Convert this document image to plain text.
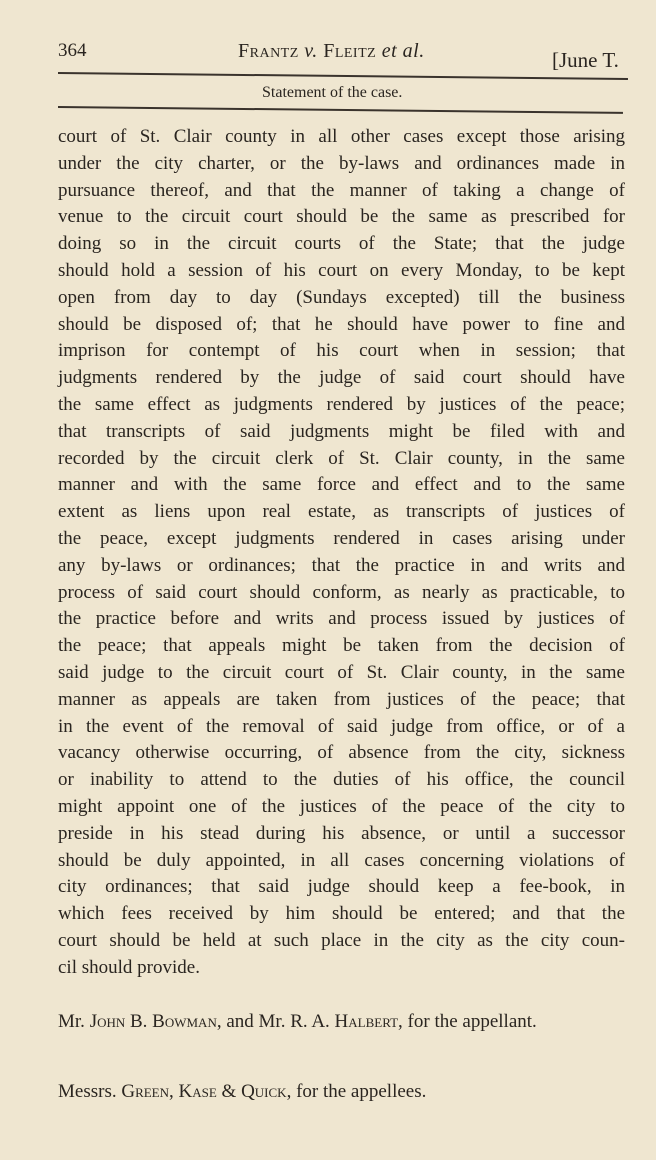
364	Frantz v. Fleitz et al.	[June T.
Statement of the case.
court of St. Clair county in all other cases except those arising
under the city charter, or the by-laws and ordinances made in
pursuance thereof, and that the manner of taking a change of
venue to the circuit court should be the same as prescribed for
doing so in the circuit courts of the State; that the judge
should hold a session of his court on every Monday, to be kept
open from day to day (Sundays excepted) till the business
should be disposed of; that he should have power to fine and
imprison for contempt of his court when in session; that
judgments rendered by the judge of said court should have
the same effect as judgments rendered by justices of the peace;
that transcripts of said judgments might be filed with and
recorded by the circuit clerk of St. Clair county, in the same
manner and with the same force and effect and to the same
extent as liens upon real estate, as transcripts of justices of
the peace, except judgments rendered in cases arising under
any by-laws or ordinances; that the practice in and writs and
process of said court should conform, as nearly as practicable, to
the practice before and writs and process issued by justices of
the peace; that appeals might be taken from the decision of
said judge to the circuit court of St. Clair county, in the same
manner as appeals are taken from justices of the peace; that
in the event of the removal of said judge from office, or of a
vacancy otherwise occurring, of absence from the city, sickness
or inability to attend to the duties of his office, the council
might appoint one of the justices of the peace of the city to
preside in his stead during his absence, or until a successor
should be duly appointed, in all cases concerning violations of
city ordinances; that said judge should keep a fee-book, in
which fees received by him should be entered; and that the
court should be held at such place in the city as the city coun-
cil should provide.
Mr. John B. Bowman, and Mr. R. A. Halbert, for the appellant.
Messrs. Green, Kase & Quick, for the appellees.
